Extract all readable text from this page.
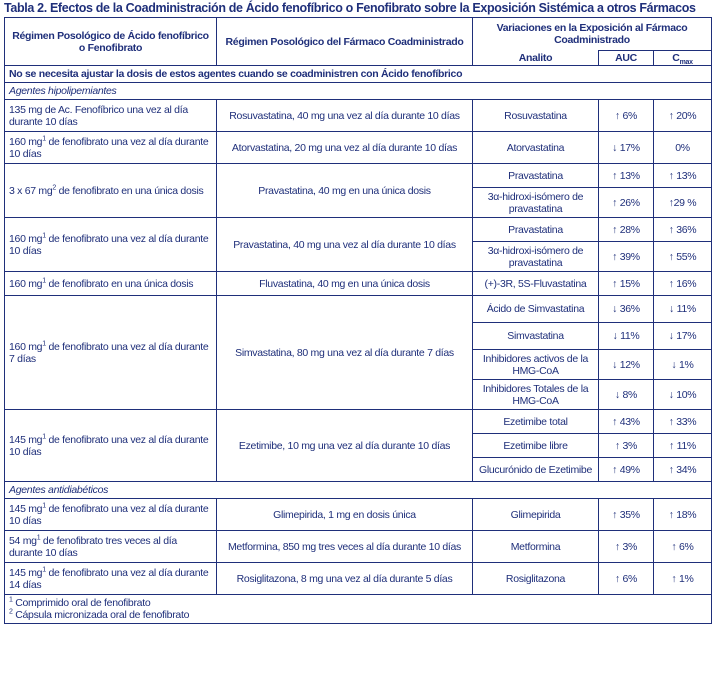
Tabla 2. Efectos de la Coadministración de Ácido fenofíbrico o Fenofibrato sobre la Exposición Sistémica a otros Fármacos
Régimen Posológico de Ácido fenofíbrico o Fenofibrato	Régimen Posológico del Fármaco Coadministrado	Variaciones en la Exposición al Fármaco Coadministrado		
		Analito	AUC	$C_{max}$
No se necesita ajustar la dosis de estos agentes cuando se coadministren con Ácido fenofíbrico				
Agentes hipolipemiantes				
135 mg de Ac. Fenofíbrico una vez al día durante 10 días	Rosuvastatina, 40 mg una vez al día durante 10 días	Rosuvastatina	↑ 6%	↑ 20%
160 $mg^1$ de fenofibrato una vez al día durante 10 días	Atorvastatina, 20 mg una vez al día durante 10 días	Atorvastatina	↓ 17%	0%
3 x 67 $mg^2$ de fenofibrato en una única dosis	Pravastatina, 40 mg en una única dosis	Pravastatina	↑ 13%	↑ 13%
		3α-hidroxi-isómero de pravastatina	↑ 26%	↑29 %
160 $mg^1$ de fenofibrato una vez al día durante 10 días	Pravastatina, 40 mg una vez al día durante 10 días	Pravastatina	↑ 28%	↑ 36%
		3α-hidroxi-isómero de pravastatina	↑ 39%	↑ 55%
160 $mg^1$ de fenofibrato en una única dosis	Fluvastatina, 40 mg en una única dosis	(+)-3R, 5S-Fluvastatina	↑ 15%	↑ 16%
160 $mg^1$ de fenofibrato una vez al día durante 7 días	Simvastatina, 80 mg una vez al día durante 7 días	Ácido de Simvastatina	↓ 36%	↓ 11%
		Simvastatina	↓ 11%	↓ 17%
		Inhibidores activos de la HMG-CoA	↓ 12%	↓ 1%
		Inhibidores Totales de la HMG-CoA	↓ 8%	↓ 10%
145 $mg^1$ de fenofibrato una vez al día durante 10 días	Ezetimibe, 10 mg una vez al día durante 10 días	Ezetimibe total	↑ 43%	↑ 33%
		Ezetimibe libre	↑ 3%	↑ 11%
		Glucurónido de Ezetimibe	↑ 49%	↑ 34%
Agentes antidiabéticos				
145 $mg^1$ de fenofibrato una vez al día durante 10 días	Glimepirida, 1 mg en dosis única	Glimepirida	↑ 35%	↑ 18%
54 $mg^1$ de fenofibrato tres veces al día durante 10 días	Metformina, 850 mg tres veces al día durante 10 días	Metformina	↑ 3%	↑ 6%
145 $mg^1$ de fenofibrato una vez al día durante 14 días	Rosiglitazona, 8 mg una vez al día durante 5 días	Rosiglitazona	↑ 6%	↑ 1%

$^1$ Comprimido oral de fenofibrato
$^2$ Cápsula micronizada oral de fenofibrato				
